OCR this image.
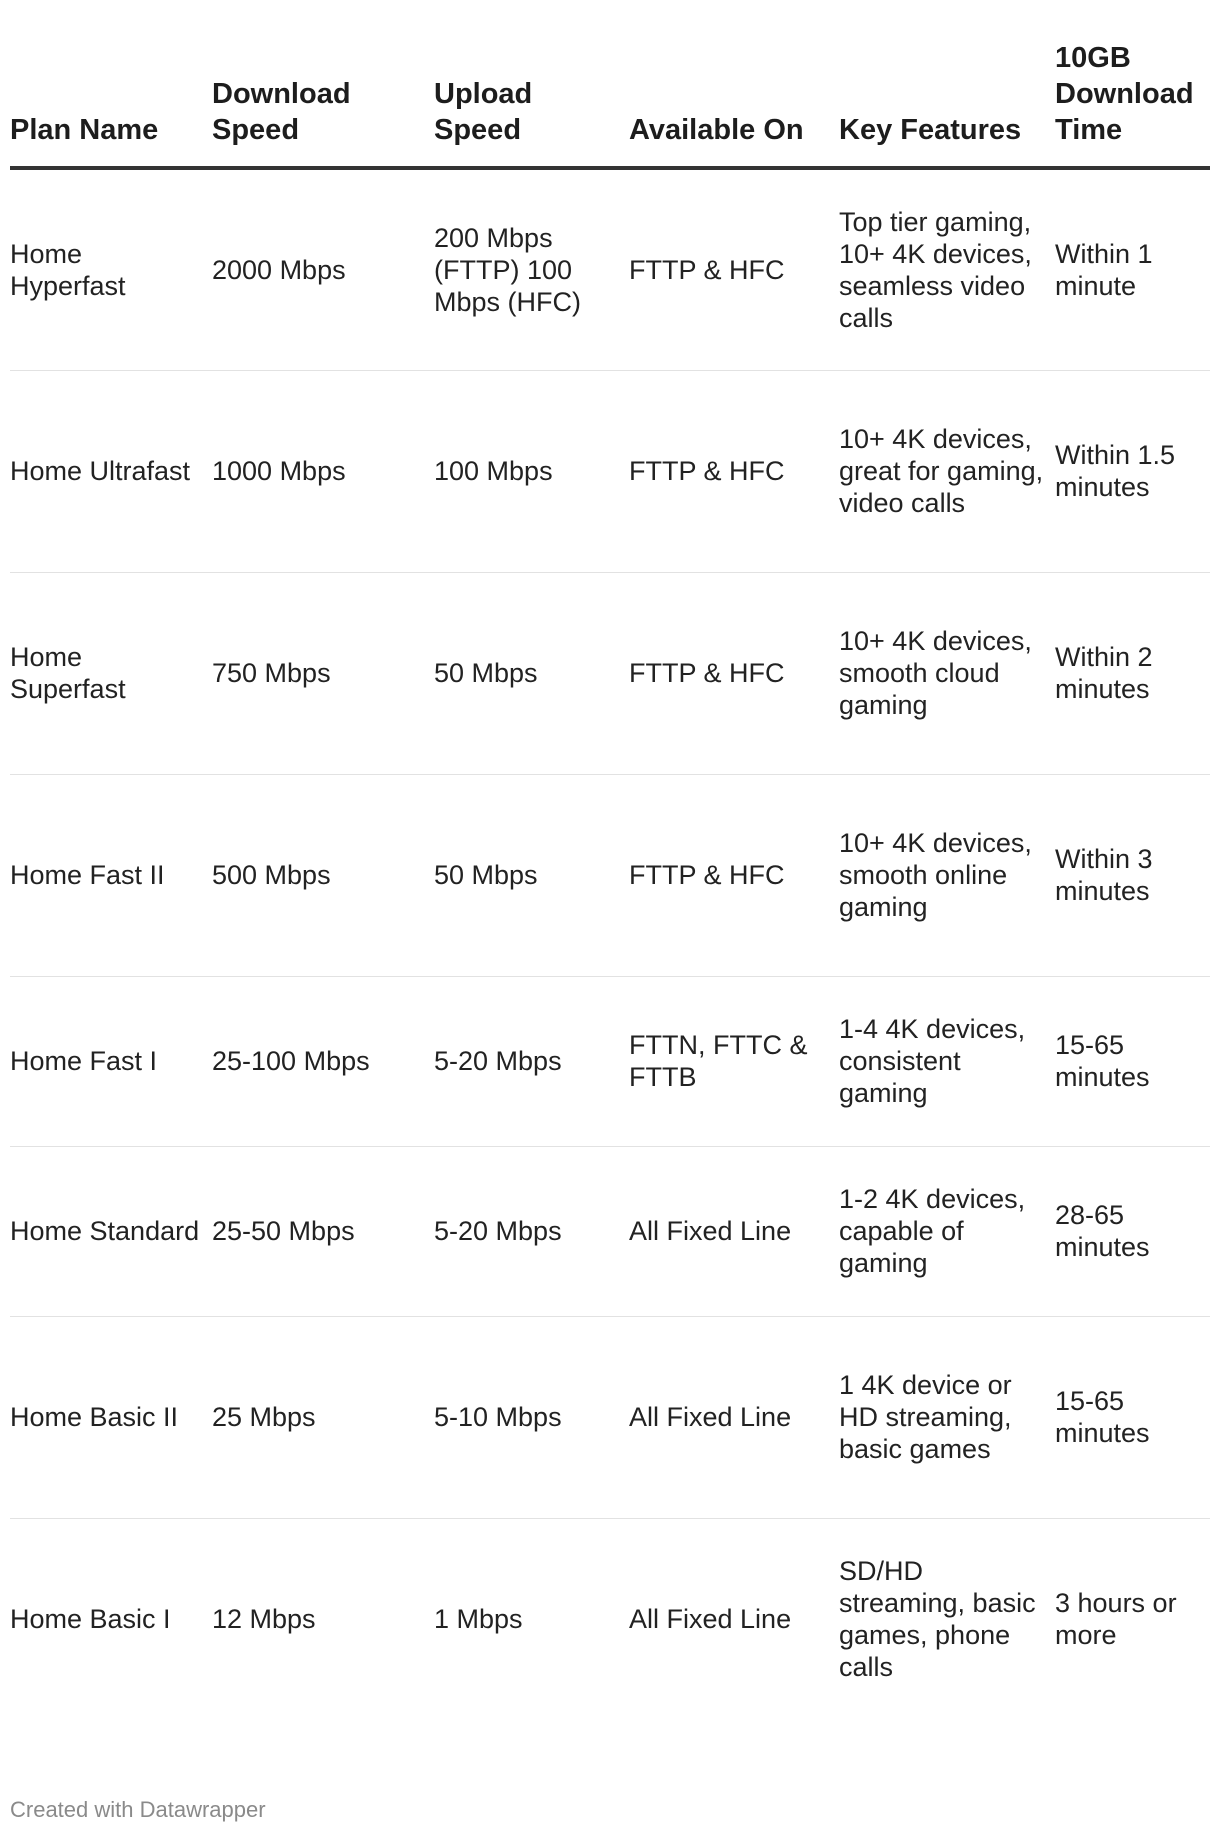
Plan Name	Download Speed	Upload Speed	Available On	Key Features	10GB Download Time
Home Hyperfast	2000 Mbps	200 Mbps (FTTP) 100 Mbps (HFC)	FTTP & HFC	Top tier gaming, 10+ 4K devices, seamless video calls	Within 1 minute
Home Ultrafast	1000 Mbps	100 Mbps	FTTP & HFC	10+ 4K devices, great for gaming, video calls	Within 1.5 minutes
Home Superfast	750 Mbps	50 Mbps	FTTP & HFC	10+ 4K devices, smooth cloud gaming	Within 2 minutes
Home Fast II	500 Mbps	50 Mbps	FTTP & HFC	10+ 4K devices, smooth online gaming	Within 3 minutes
Home Fast I	25-100 Mbps	5-20 Mbps	FTTN, FTTC & FTTB	1-4 4K devices, consistent gaming	15-65 minutes
Home Standard	25-50 Mbps	5-20 Mbps	All Fixed Line	1-2 4K devices, capable of gaming	28-65 minutes
Home Basic II	25 Mbps	5-10 Mbps	All Fixed Line	1 4K device or HD streaming, basic games	15-65 minutes
Home Basic I	12 Mbps	1 Mbps	All Fixed Line	SD/HD streaming, basic games, phone calls	3 hours or more
Created with Datawrapper
